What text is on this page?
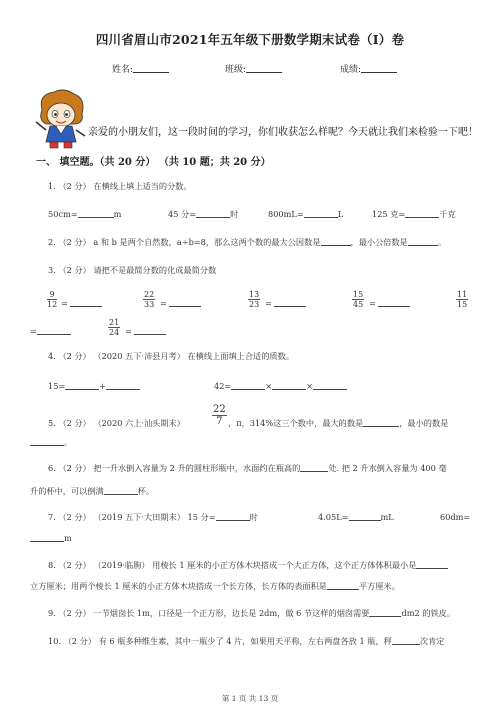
四川省眉山市2021年五年级下册数学期末试卷（I）卷
姓名:	班级:	成绩:
亲爱的小朋友们，这一段时间的学习，你们收获怎么样呢？今天就让我们来检验一下吧！
一、 填空题。（共 20 分） （共 10 题；共 20 分）
1. （2 分） 在横线上填上适当的分数。
50cm=	m	45 分=	时	800mL=	L	125 克=	千克
2. （2 分） a 和 b 是两个自然数，a÷b=8，那么这两个数的最大公因数是	，最小公倍数是	。
3. （2 分） 请把不是最简分数的化成最简分数
$\frac{9}{12}$ =	$\frac{22}{33}$ =	$\frac{13}{23}$ =	$\frac{15}{45}$ =	$\frac{11}{15}$
=	$\frac{21}{24}$ =
4. （2 分） （2020 五下·沛县月考） 在横线上面填上合适的质数。
15=	+	42=	×	×
5. （2 分） （2020 六上·汕头期末）	$\frac{22}{7}$ ，π，314%这三个数中，最大的数是	，最小的数是
。
6. （2 分） 把一升水倒入容量为 2 升的圆柱形瓶中，水面约在瓶高的	处. 把 2 升水倒入容量为 400 毫
升的杯中，可以倒满	杯。
7. （2 分） （2019 五下·大田期末） 15 分=	时	4.05L=	mL	60dm=
m
8. （2 分） （2019·临朐） 用棱长 1 厘米的小正方体木块搭成一个大正方体，这个正方体体积最小是
立方厘米；用两个棱长 1 厘米的小正方体木块搭成一个长方体，长方体的表面积是	平方厘米。
9. （2 分） 一节烟囱长 1m，口径是一个正方形，边长是 2dm，做 6 节这样的烟囱需要	dm2 的铁皮。
10. （2 分） 有 6 瓶多种维生素，其中一瓶少了 4 片，如果用天平称，左右两盘各放 1 瓶，秤	次肯定
第 1 页 共 13 页
